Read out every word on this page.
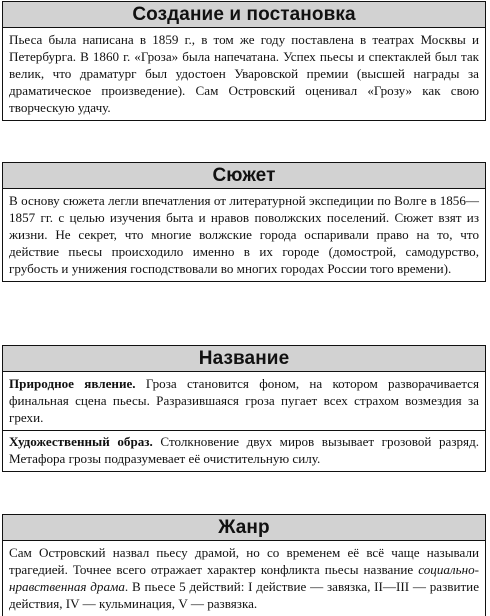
Создание и постановка

Пьеса была написана в 1859 г., в том же году поставлена в театрах Москвы и Петербурга. В 1860 г. «Гроза» была напечатана. Успех пьесы и спектаклей был так велик, что драматург был удостоен Уваровской премии (высшей награды за драматическое произведение). Сам Островский оценивал «Грозу» как свою творческую удачу.

Сюжет

В основу сюжета легли впечатления от литературной экспедиции по Волге в 1856—1857 гг. с целью изучения быта и нравов поволжских поселений. Сюжет взят из жизни. Не секрет, что многие волжские города оспаривали право на то, что действие пьесы происходило именно в их городе (домострой, самодурство, грубость и унижения господствовали во многих городах России того времени).

Название

Природное явление. Гроза становится фоном, на котором разворачивается финальная сцена пьесы. Разразившаяся гроза пугает всех страхом возмездия за грехи.

Художественный образ. Столкновение двух миров вызывает грозовой разряд. Метафора грозы подразумевает её очистительную силу.

Жанр

Сам Островский назвал пьесу драмой, но со временем её всё чаще называли трагедией. Точнее всего отражает характер конфликта пьесы название социально-нравственная драма. В пьесе 5 действий: I действие — завязка, II—III — развитие действия, IV — кульминация, V — развязка.
